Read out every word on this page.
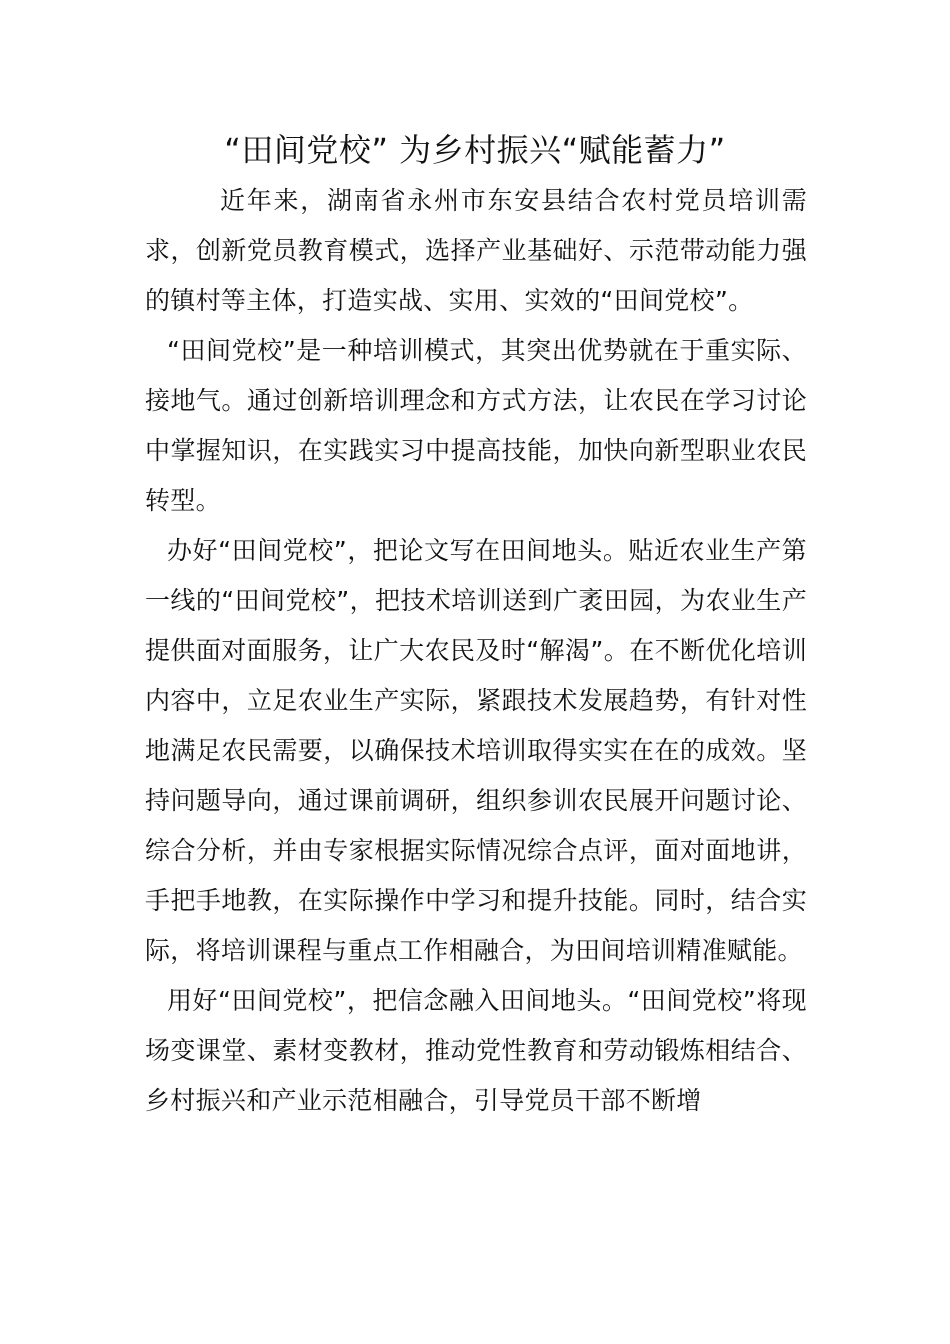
“田间党校” 为乡村振兴“赋能蓄力”

近年来，湖南省永州市东安县结合农村党员培训需求，创新党员教育模式，选择产业基础好、示范带动能力强的镇村等主体，打造实战、实用、实效的“田间党校”。

“田间党校”是一种培训模式，其突出优势就在于重实际、接地气。通过创新培训理念和方式方法，让农民在学习讨论中掌握知识，在实践实习中提高技能，加快向新型职业农民转型。

办好“田间党校”，把论文写在田间地头。贴近农业生产第一线的“田间党校”，把技术培训送到广袤田园，为农业生产提供面对面服务，让广大农民及时“解渴”。在不断优化培训内容中，立足农业生产实际，紧跟技术发展趋势，有针对性地满足农民需要，以确保技术培训取得实实在在的成效。坚持问题导向，通过课前调研，组织参训农民展开问题讨论、综合分析，并由专家根据实际情况综合点评，面对面地讲，手把手地教，在实际操作中学习和提升技能。同时，结合实际，将培训课程与重点工作相融合，为田间培训精准赋能。

用好“田间党校”，把信念融入田间地头。“田间党校”将现场变课堂、素材变教材，推动党性教育和劳动锻炼相结合、乡村振兴和产业示范相融合，引导党员干部不断增
